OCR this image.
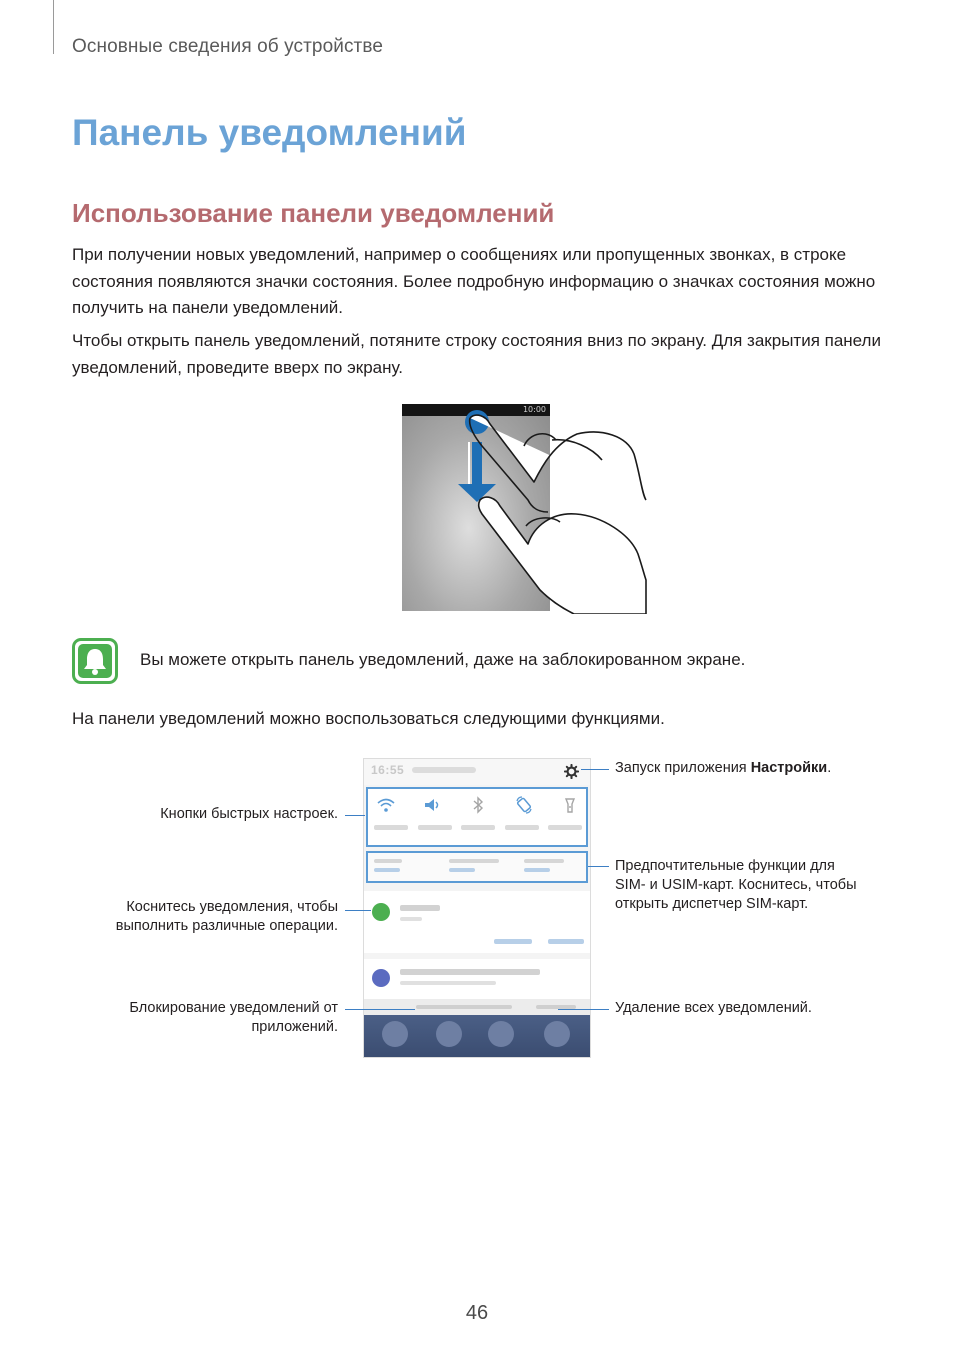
Основные сведения об устройстве
Панель уведомлений
Использование панели уведомлений

При получении новых уведомлений, например о сообщениях или пропущенных звонках, в строке состояния появляются значки состояния. Более подробную информацию о значках состояния можно получить на панели уведомлений.

Чтобы открыть панель уведомлений, потяните строку состояния вниз по экрану. Для закрытия панели уведомлений, проведите вверх по экрану.

10:00
Вы можете открыть панель уведомлений, даже на заблокированном экране.

На панели уведомлений можно воспользоваться следующими функциями.

16:55	Запуск приложения Настройки.
Кнопки быстрых настроек.
Предпочтительные функции для
SIM- и USIM-карт. Коснитесь, чтобы
открыть диспетчер SIM-карт.
Коснитесь уведомления, чтобы
выполнить различные операции.
Блокирование уведомлений от
приложений.
Удаление всех уведомлений.
46
